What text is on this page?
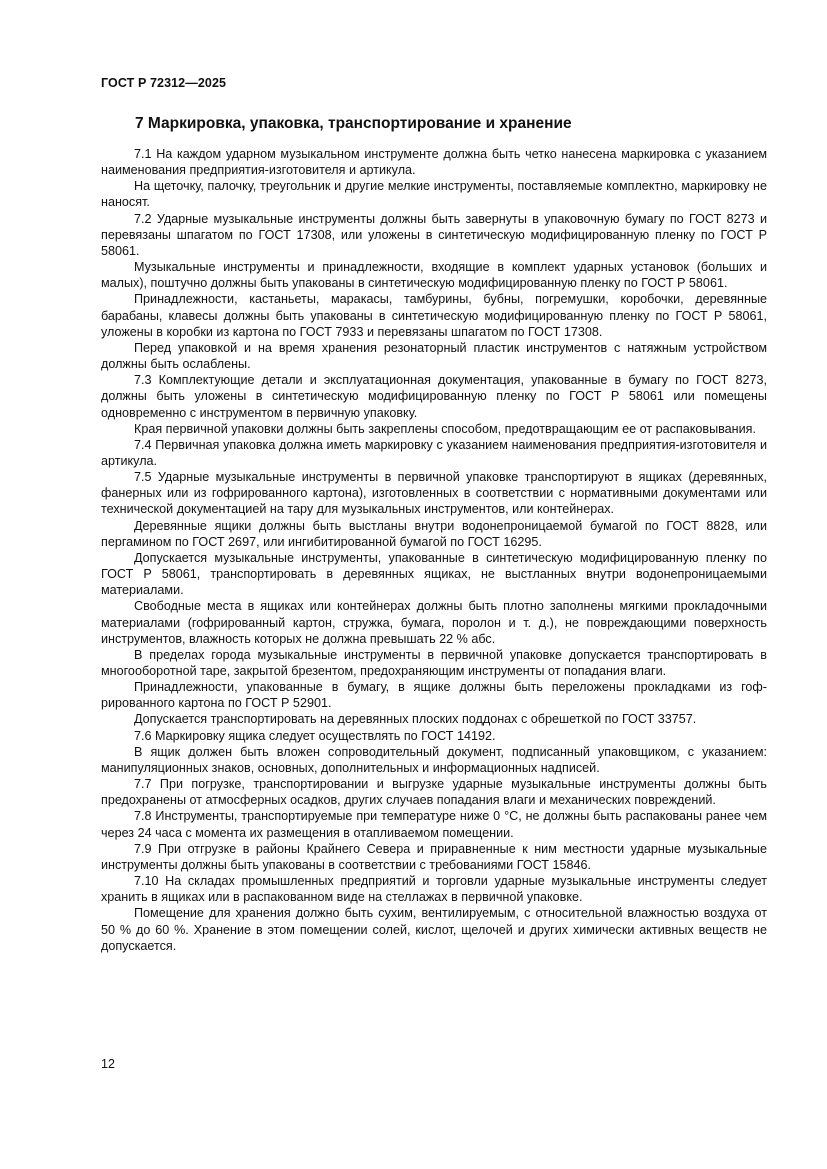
ГОСТ Р 72312—2025
7 Маркировка, упаковка, транспортирование и хранение

7.1 На каждом ударном музыкальном инструменте должна быть четко нанесена маркировка с указанием наименования предприятия-изготовителя и артикула.

На щеточку, палочку, треугольник и другие мелкие инструменты, поставляемые комплектно, маркировку не наносят.

7.2 Ударные музыкальные инструменты должны быть завернуты в упаковочную бумагу по ГОСТ 8273 и перевязаны шпагатом по ГОСТ 17308, или уложены в синтетическую модифицированную пленку по ГОСТ Р 58061.

Музыкальные инструменты и принадлежности, входящие в комплект ударных установок (больших и малых), поштучно должны быть упакованы в синтетическую модифицированную пленку по ГОСТ Р 58061.

Принадлежности, кастаньеты, маракасы, тамбурины, бубны, погремушки, коробочки, деревянные барабаны, клавесы должны быть упакованы в синтетическую модифицированную пленку по ГОСТ Р 58061, уложены в коробки из картона по ГОСТ 7933 и перевязаны шпагатом по ГОСТ 17308.

Перед упаковкой и на время хранения резонаторный пластик инструментов с натяжным устройством должны быть ослаблены.

7.3 Комплектующие детали и эксплуатационная документация, упакованные в бумагу по ГОСТ 8273, должны быть уложены в синтетическую модифицированную пленку по ГОСТ Р 58061 или помещены одновременно с инструментом в первичную упаковку.

Края первичной упаковки должны быть закреплены способом, предотвращающим ее от распаковывания.

7.4 Первичная упаковка должна иметь маркировку с указанием наименования предприятия-изготовителя и артикула.

7.5 Ударные музыкальные инструменты в первичной упаковке транспортируют в ящиках (деревянных, фанерных или из гофрированного картона), изготовленных в соответствии с нормативными документами или технической документацией на тару для музыкальных инструментов, или контейнерах.

Деревянные ящики должны быть выстланы внутри водонепроницаемой бумагой по ГОСТ 8828, или пергамином по ГОСТ 2697, или ингибитированной бумагой по ГОСТ 16295.

Допускается музыкальные инструменты, упакованные в синтетическую модифицированную пленку по ГОСТ Р 58061, транспортировать в деревянных ящиках, не выстланных внутри водонепроницаемыми материалами.

Свободные места в ящиках или контейнерах должны быть плотно заполнены мягкими прокладочными материалами (гофрированный картон, стружка, бумага, поролон и т. д.), не повреждающими поверхность инструментов, влажность которых не должна превышать 22 % абс.

В пределах города музыкальные инструменты в первичной упаковке допускается транспортировать в многооборотной таре, закрытой брезентом, предохраняющим инструменты от попадания влаги.

Принадлежности, упакованные в бумагу, в ящике должны быть переложены прокладками из гофрированного картона по ГОСТ Р 52901.

Допускается транспортировать на деревянных плоских поддонах с обрешеткой по ГОСТ 33757.

7.6 Маркировку ящика следует осуществлять по ГОСТ 14192.

В ящик должен быть вложен сопроводительный документ, подписанный упаковщиком, с указанием: манипуляционных знаков, основных, дополнительных и информационных надписей.

7.7 При погрузке, транспортировании и выгрузке ударные музыкальные инструменты должны быть предохранены от атмосферных осадков, других случаев попадания влаги и механических повреждений.

7.8 Инструменты, транспортируемые при температуре ниже 0 °С, не должны быть распакованы ранее чем через 24 часа с момента их размещения в отапливаемом помещении.

7.9 При отгрузке в районы Крайнего Севера и приравненные к ним местности ударные музыкальные инструменты должны быть упакованы в соответствии с требованиями ГОСТ 15846.

7.10 На складах промышленных предприятий и торговли ударные музыкальные инструменты следует хранить в ящиках или в распакованном виде на стеллажах в первичной упаковке.

Помещение для хранения должно быть сухим, вентилируемым, с относительной влажностью воздуха от 50 % до 60 %. Хранение в этом помещении солей, кислот, щелочей и других химически активных веществ не допускается.

12
